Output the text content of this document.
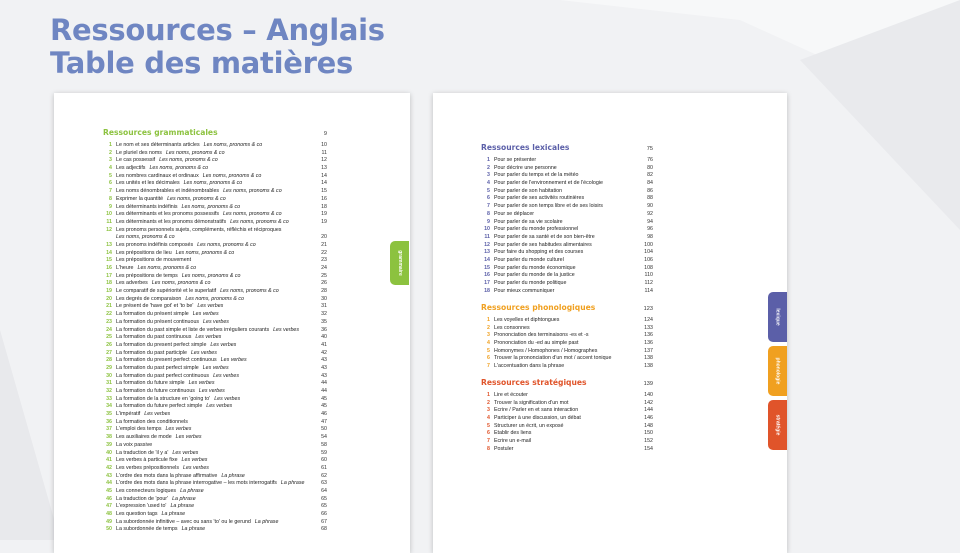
Ressources – Anglais
Table des matières
Ressources grammaticales	9
1 Le nom et ses déterminants articles Les noms, pronoms & co	10
2 Le pluriel des noms Les noms, pronoms & co	11
3 Le cas possessif Les noms, pronoms & co	12
4 Les adjectifs Les noms, pronoms & co	13
5 Les nombres cardinaux et ordinaux Les noms, pronoms & co	14
6 Les unités et les décimales Les noms, pronoms & co	14
7 Les noms dénombrables et indénombrables Les noms, pronoms & co	15
8 Exprimer la quantité Les noms, pronoms & co	16
9 Les déterminants indéfinis Les noms, pronoms & co	18
10 Les déterminants et les pronoms possessifs Les noms, pronoms & co	19
11 Les déterminants et les pronoms démonstratifs Les noms, pronoms & co	19
12 Les pronoms personnels sujets, compléments, réfléchis et réciproques
Les noms, pronoms & co	20
13 Les pronoms indéfinis composés Les noms, pronoms & co	21
14 Les prépositions de lieu Les noms, pronoms & co	22
15 Les prépositions de mouvement	23
16 L'heure Les noms, pronoms & co	24
17 Les prépositions de temps Les noms, pronoms & co	25
18 Les adverbes Les noms, pronoms & co	26
19 Le comparatif de supériorité et le superlatif Les noms, pronoms & co	28
20 Les degrés de comparaison Les noms, pronoms & co	30
21 Le présent de 'have got' et 'to be' Les verbes	31
22 La formation du présent simple Les verbes	32
23 La formation du présent continuous Les verbes	35
24 La formation du past simple et liste de verbes irréguliers courants Les verbes	36
25 La formation du past continuous Les verbes	40
26 La formation du present perfect simple Les verbes	41
27 La formation du past participle Les verbes	42
28 La formation du present perfect continuous Les verbes	43
29 La formation du past perfect simple Les verbes	43
30 La formation du past perfect continuous Les verbes	43
31 La formation du future simple Les verbes	44
32 La formation du future continuous Les verbes	44
33 La formation de la structure en 'going to' Les verbes	45
34 La formation du future perfect simple Les verbes	45
35 L'impératif Les verbes	46
36 La formation des conditionnels	47
37 L'emploi des temps Les verbes	50
38 Les auxiliaires de mode Les verbes	54
39 La voix passive	58
40 La traduction de 'il y a' Les verbes	59
41 Les verbes à particule fixe Les verbes	60
42 Les verbes prépositionnels Les verbes	61
43 L'ordre des mots dans la phrase affirmative La phrase	62
44 L'ordre des mots dans la phrase interrogative – les mots interrogatifs La phrase	63
45 Les connecteurs logiques La phrase	64
46 La traduction de 'pour' La phrase	65
47 L'expression 'used to' La phrase	65
48 Les question tags La phrase	66
49 La subordonnée infinitive – avec ou sans 'to' ou le gerund La phrase	67
50 La subordonnée de temps La phrase	68
grammaire
Ressources lexicales	75
1 Pour se présenter	76
2 Pour décrire une personne	80
3 Pour parler du temps et de la météo	82
4 Pour parler de l'environnement et de l'écologie	84
5 Pour parler de son habitation	86
6 Pour parler de ses activités routinières	88
7 Pour parler de son temps libre et de ses loisirs	90
8 Pour se déplacer	92
9 Pour parler de sa vie scolaire	94
10 Pour parler du monde professionnel	96
11 Pour parler de sa santé et de son bien-être	98
12 Pour parler de ses habitudes alimentaires	100
13 Pour faire du shopping et des courses	104
14 Pour parler du monde culturel	106
15 Pour parler du monde économique	108
16 Pour parler du monde de la justice	110
17 Pour parler du monde politique	112
18 Pour mieux communiquer	114
Ressources phonologiques	123
1 Les voyelles et diphtongues	124
2 Les consonnes	133
3 Prononciation des terminaisons -es et -s	136
4 Prononciation du -ed au simple past	136
5 Homonymes / Homophones / Homographes	137
6 Trouver la prononciation d'un mot / accent tonique	138
7 L'accentuation dans la phrase	138
Ressources stratégiques	139
1 Lire et écouter	140
2 Trouver la signification d'un mot	142
3 Écrire / Parler en et sans interaction	144
4 Participer à une discussion, un débat	146
5 Structurer un écrit, un exposé	148
6 Établir des liens	150
7 Écrire un e-mail	152
8 Postuler	154
lexique
phonologie
stratégie
